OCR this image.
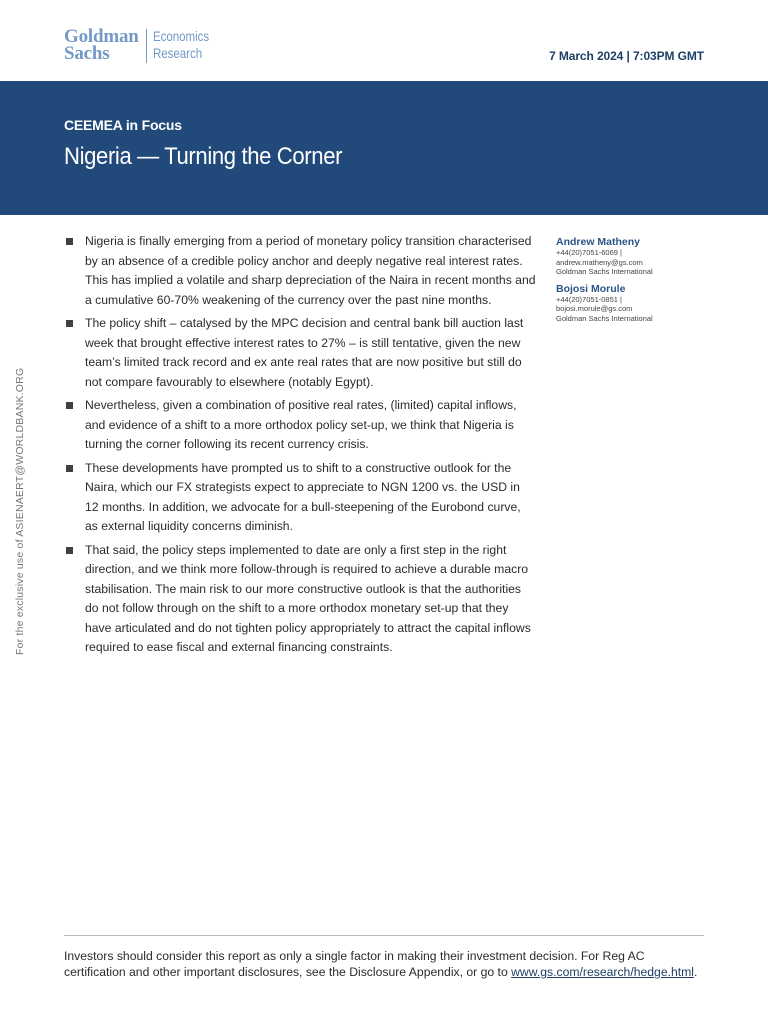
Goldman
Sachs
Economics
Research	7 March 2024 | 7:03PM GMT
CEEMEA in Focus
Nigeria — Turning the Corner
For the exclusive use of ASIENAERT@WORLDBANK.ORG
Nigeria is finally emerging from a period of monetary policy transition characterised by an absence of a credible policy anchor and deeply negative real interest rates. This has implied a volatile and sharp depreciation of the Naira in recent months and a cumulative 60-70% weakening of the currency over the past nine months.
The policy shift – catalysed by the MPC decision and central bank bill auction last week that brought effective interest rates to 27% – is still tentative, given the new team’s limited track record and ex ante real rates that are now positive but still do not compare favourably to elsewhere (notably Egypt).
Nevertheless, given a combination of positive real rates, (limited) capital inflows, and evidence of a shift to a more orthodox policy set-up, we think that Nigeria is turning the corner following its recent currency crisis.
These developments have prompted us to shift to a constructive outlook for the Naira, which our FX strategists expect to appreciate to NGN 1200 vs. the USD in 12 months. In addition, we advocate for a bull-steepening of the Eurobond curve, as external liquidity concerns diminish.
That said, the policy steps implemented to date are only a first step in the right direction, and we think more follow-through is required to achieve a durable macro stabilisation. The main risk to our more constructive outlook is that the authorities do not follow through on the shift to a more orthodox monetary set-up that they have articulated and do not tighten policy appropriately to attract the capital inflows required to ease fiscal and external financing constraints.
Andrew Matheny
+44(20)7051-6069 |
andrew.matheny@gs.com
Goldman Sachs International
Bojosi Morule
+44(20)7051-0851 |
bojosi.morule@gs.com
Goldman Sachs International
Investors should consider this report as only a single factor in making their investment decision. For Reg AC certification and other important disclosures, see the Disclosure Appendix, or go to www.gs.com/research/hedge.html.
